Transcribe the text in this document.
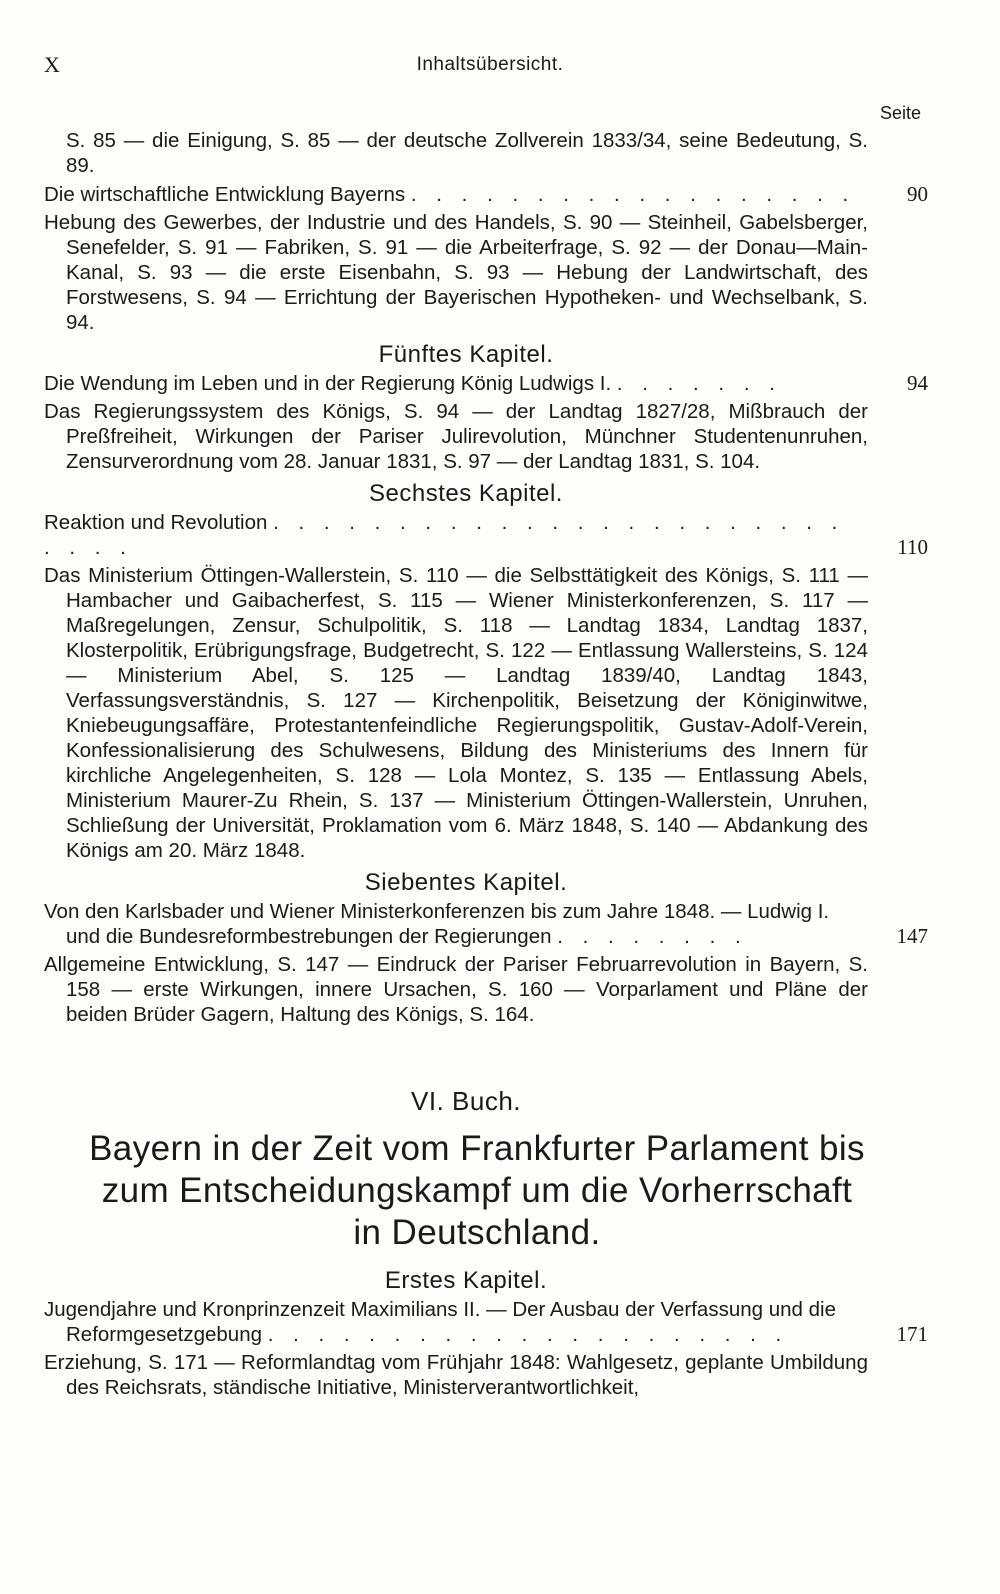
X	Inhaltsübersicht.
Seite
S. 85 — die Einigung, S. 85 — der deutsche Zollverein 1833/34, seine Bedeutung, S. 89.
Die wirtschaftliche Entwicklung Bayerns . . . . . . . . . . . . . . . . . .	90
Hebung des Gewerbes, der Industrie und des Handels, S. 90 — Steinheil, Gabelsberger, Senefelder, S. 91 — Fabriken, S. 91 — die Arbeiterfrage, S. 92 — der Donau—Main-Kanal, S. 93 — die erste Eisenbahn, S. 93 — Hebung der Landwirtschaft, des Forstwesens, S. 94 — Errichtung der Bayerischen Hypotheken- und Wechselbank, S. 94.
Fünftes Kapitel.
Die Wendung im Leben und in der Regierung König Ludwigs I. . . . . . . .	94
Das Regierungssystem des Königs, S. 94 — der Landtag 1827/28, Mißbrauch der Preßfreiheit, Wirkungen der Pariser Julirevolution, Münchner Studentenunruhen, Zensurverordnung vom 28. Januar 1831, S. 97 — der Landtag 1831, S. 104.
Sechstes Kapitel.
Reaktion und Revolution . . . . . . . . . . . . . . . . . . . . . . . . . . .	110
Das Ministerium Öttingen-Wallerstein, S. 110 — die Selbsttätigkeit des Königs, S. 111 — Hambacher und Gaibacherfest, S. 115 — Wiener Ministerkonferenzen, S. 117 — Maßregelungen, Zensur, Schulpolitik, S. 118 — Landtag 1834, Landtag 1837, Klosterpolitik, Erübrigungsfrage, Budgetrecht, S. 122 — Entlassung Wallersteins, S. 124 — Ministerium Abel, S. 125 — Landtag 1839/40, Landtag 1843, Verfassungsverständnis, S. 127 — Kirchenpolitik, Beisetzung der Königinwitwe, Kniebeugungsaffäre, Protestantenfeindliche Regierungspolitik, Gustav-Adolf-Verein, Konfessionalisierung des Schulwesens, Bildung des Ministeriums des Innern für kirchliche Angelegenheiten, S. 128 — Lola Montez, S. 135 — Entlassung Abels, Ministerium Maurer-Zu Rhein, S. 137 — Ministerium Öttingen-Wallerstein, Unruhen, Schließung der Universität, Proklamation vom 6. März 1848, S. 140 — Abdankung des Königs am 20. März 1848.
Siebentes Kapitel.
Von den Karlsbader und Wiener Ministerkonferenzen bis zum Jahre 1848. — Ludwig I. und die Bundesreformbestrebungen der Regierungen . . . . . . . .	147
Allgemeine Entwicklung, S. 147 — Eindruck der Pariser Februarrevolution in Bayern, S. 158 — erste Wirkungen, innere Ursachen, S. 160 — Vorparlament und Pläne der beiden Brüder Gagern, Haltung des Königs, S. 164.
VI. Buch.
Bayern in der Zeit vom Frankfurter Parlament bis
zum Entscheidungskampf um die Vorherrschaft
in Deutschland.
Erstes Kapitel.
Jugendjahre und Kronprinzenzeit Maximilians II. — Der Ausbau der Verfassung und die Reformgesetzgebung . . . . . . . . . . . . . . . . . . . . .	171
Erziehung, S. 171 — Reformlandtag vom Frühjahr 1848: Wahlgesetz, geplante Umbildung des Reichsrats, ständische Initiative, Ministerverantwortlichkeit,
